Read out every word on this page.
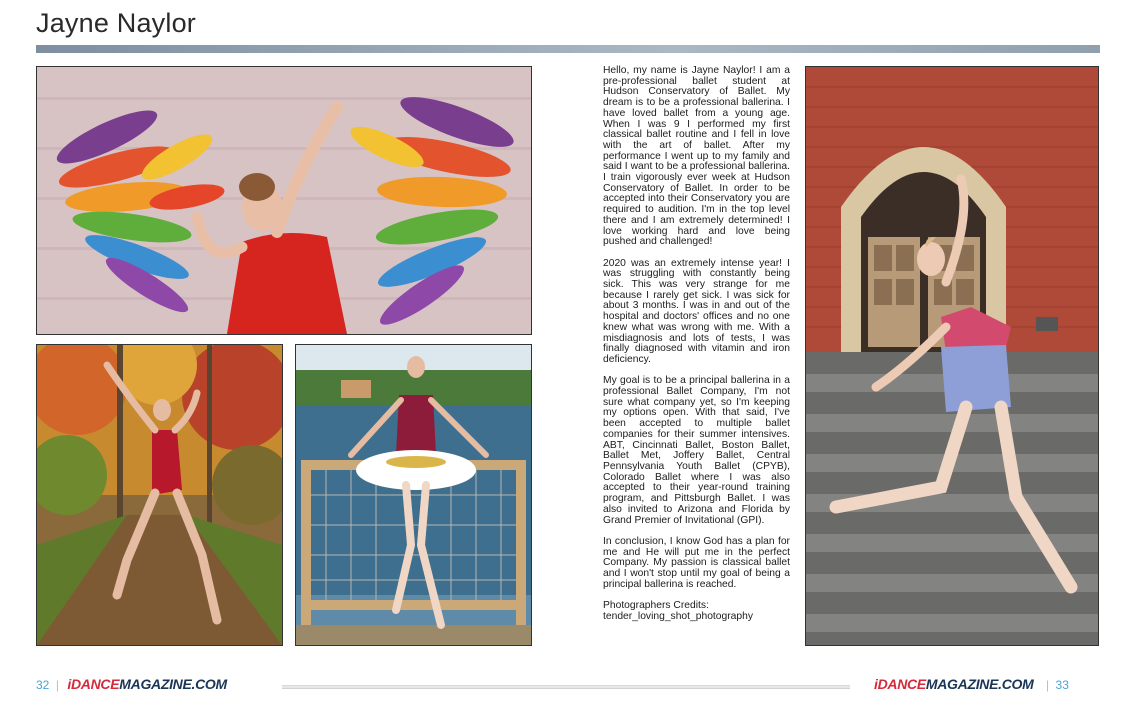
Jayne Naylor

Hello, my name is Jayne Naylor! I am a pre-professional ballet student at Hudson Conservatory of Ballet. My dream is to be a professional ballerina. I have loved ballet from a young age. When I was 9 I performed my first classical ballet routine and I fell in love with the art of ballet. After my performance I went up to my family and said I want to be a professional ballerina. I train vigorously ever week at Hudson Conservatory of Ballet. In order to be accepted into their Conservatory you are required to audition. I'm in the top level there and I am extremely determined! I love working hard and love being pushed and challenged!

2020 was an extremely intense year! I was struggling with constantly being sick. This was very strange for me because I rarely get sick. I was sick for about 3 months. I was in and out of the hospital and doctors' offices and no one knew what was wrong with me. With a misdiagnosis and lots of tests, I was finally diagnosed with vitamin and iron deficiency.

My goal is to be a principal ballerina in a professional Ballet Company, I'm not sure what company yet, so I'm keeping my options open. With that said, I've been accepted to multiple ballet companies for their summer intensives. ABT, Cincinnati Ballet, Boston Ballet, Ballet Met, Joffery Ballet, Central Pennsylvania Youth Ballet (CPYB), Colorado Ballet where I was also accepted to their year-round training program, and Pittsburgh Ballet. I was also invited to Arizona and Florida by Grand Premier of Invitational (GPI).

In conclusion, I know God has a plan for me and He will put me in the perfect Company. My passion is classical ballet and I won't stop until my goal of being a principal ballerina is reached.

Photographers Credits:
tender_loving_shot_photography

32 | iDANCEMAGAZINE.COM	iDANCEMAGAZINE.COM | 33
